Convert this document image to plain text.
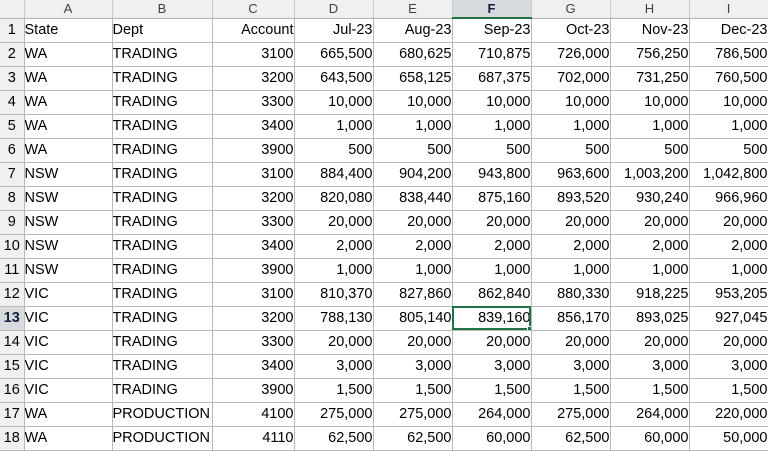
	A	B	C	D	E	F	G	H	I
1	State	Dept	Account	Jul-23	Aug-23	Sep-23	Oct-23	Nov-23	Dec-23
2	WA	TRADING	3100	665,500	680,625	710,875	726,000	756,250	786,500
3	WA	TRADING	3200	643,500	658,125	687,375	702,000	731,250	760,500
4	WA	TRADING	3300	10,000	10,000	10,000	10,000	10,000	10,000
5	WA	TRADING	3400	1,000	1,000	1,000	1,000	1,000	1,000
6	WA	TRADING	3900	500	500	500	500	500	500
7	NSW	TRADING	3100	884,400	904,200	943,800	963,600	1,003,200	1,042,800
8	NSW	TRADING	3200	820,080	838,440	875,160	893,520	930,240	966,960
9	NSW	TRADING	3300	20,000	20,000	20,000	20,000	20,000	20,000
10	NSW	TRADING	3400	2,000	2,000	2,000	2,000	2,000	2,000
11	NSW	TRADING	3900	1,000	1,000	1,000	1,000	1,000	1,000
12	VIC	TRADING	3100	810,370	827,860	862,840	880,330	918,225	953,205
13	VIC	TRADING	3200	788,130	805,140	839,160	856,170	893,025	927,045
14	VIC	TRADING	3300	20,000	20,000	20,000	20,000	20,000	20,000
15	VIC	TRADING	3400	3,000	3,000	3,000	3,000	3,000	3,000
16	VIC	TRADING	3900	1,500	1,500	1,500	1,500	1,500	1,500
17	WA	PRODUCTION	4100	275,000	275,000	264,000	275,000	264,000	220,000
18	WA	PRODUCTION	4110	62,500	62,500	60,000	62,500	60,000	50,000
